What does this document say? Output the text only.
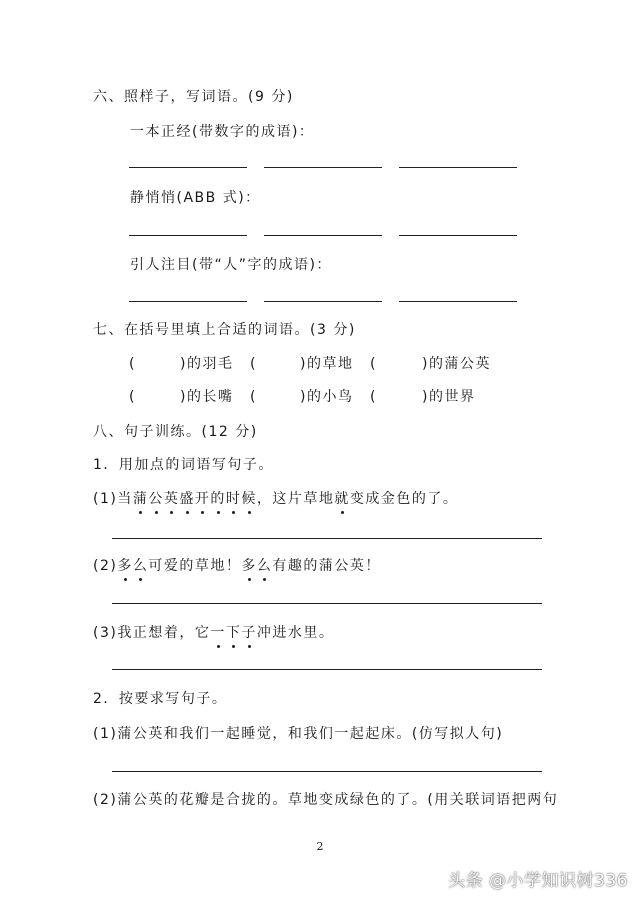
六、照样子，写词语。(9 分)
一本正经(带数字的成语)：
静悄悄(ABB 式)：
引人注目(带“人”字的成语)：
七、在括号里填上合适的词语。(3 分)
(	)的羽毛 (	)的草地 (	)的蒲公英
(	)的长嘴 (	)的小鸟 (	)的世界
八、句子训练。(12 分)
1．用加点的词语写句子。
(1)当蒲公英盛开的时候，这片草地就变成金色的了。
(2)多么可爱的草地！多么有趣的蒲公英！
(3)我正想着，它一下子冲进水里。
2．按要求写句子。
(1)蒲公英和我们一起睡觉，和我们一起起床。(仿写拟人句)
(2)蒲公英的花瓣是合拢的。草地变成绿色的了。(用关联词语把两句
2
头条 @小学知识树336
